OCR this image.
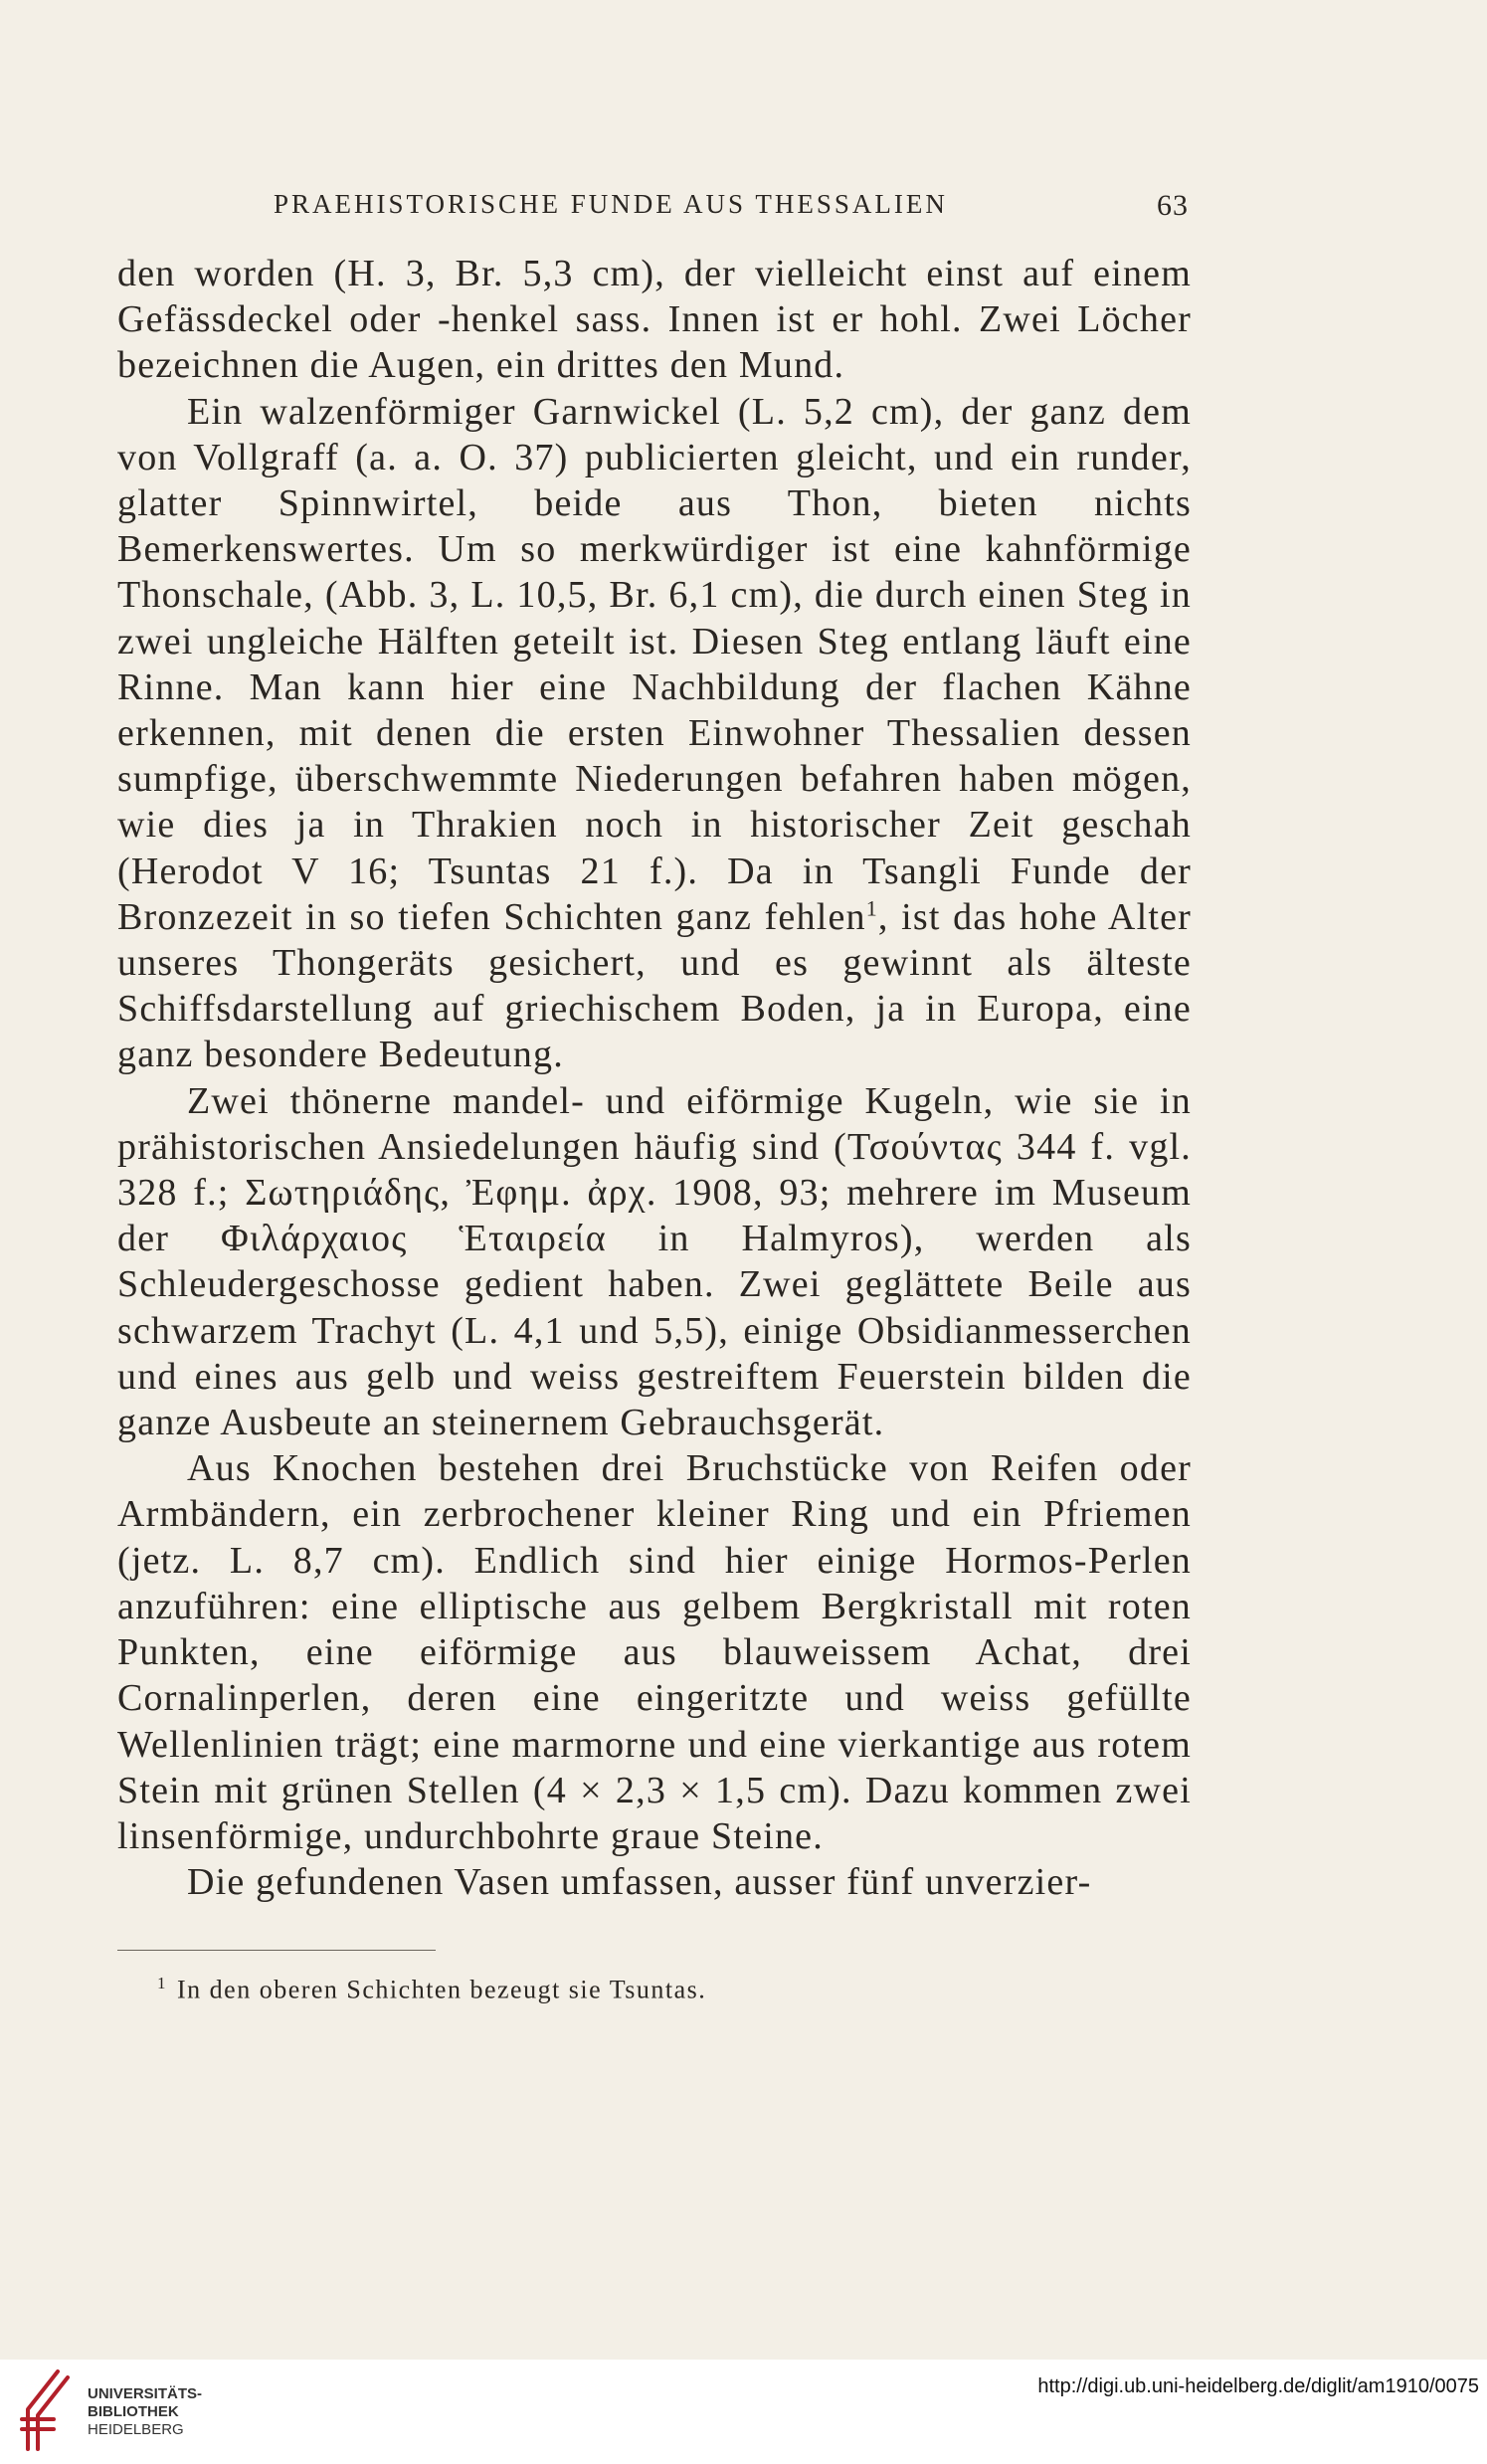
PRAEHISTORISCHE FUNDE AUS THESSALIEN	63

den worden (H. 3, Br. 5,3 cm), der vielleicht einst auf einem Gefässdeckel oder -henkel sass. Innen ist er hohl. Zwei Löcher bezeichnen die Augen, ein drittes den Mund.

Ein walzenförmiger Garnwickel (L. 5,2 cm), der ganz dem von Vollgraff (a. a. O. 37) publicierten gleicht, und ein runder, glatter Spinnwirtel, beide aus Thon, bieten nichts Bemerkenswertes. Um so merkwürdiger ist eine kahnförmige Thonschale, (Abb. 3, L. 10,5, Br. 6,1 cm), die durch einen Steg in zwei ungleiche Hälften geteilt ist. Diesen Steg entlang läuft eine Rinne. Man kann hier eine Nachbildung der flachen Kähne erkennen, mit denen die ersten Einwohner Thessalien dessen sumpfige, überschwemmte Niederungen befahren haben mögen, wie dies ja in Thrakien noch in historischer Zeit geschah (Herodot V 16; Tsuntas 21 f.). Da in Tsangli Funde der Bronzezeit in so tiefen Schichten ganz fehlen$^1$, ist das hohe Alter unseres Thongeräts gesichert, und es gewinnt als älteste Schiffsdarstellung auf griechischem Boden, ja in Europa, eine ganz besondere Bedeutung.

Zwei thönerne mandel- und eiförmige Kugeln, wie sie in prähistorischen Ansiedelungen häufig sind (Τσούντας 344 f. vgl. 328 f.; Σωτηριάδης, Ἐφημ. ἀρχ. 1908, 93; mehrere im Museum der Φιλάρχαιος Ἑταιρεία in Halmyros), werden als Schleudergeschosse gedient haben. Zwei geglättete Beile aus schwarzem Trachyt (L. 4,1 und 5,5), einige Obsidianmesserchen und eines aus gelb und weiss gestreiftem Feuerstein bilden die ganze Ausbeute an steinernem Gebrauchsgerät.

Aus Knochen bestehen drei Bruchstücke von Reifen oder Armbändern, ein zerbrochener kleiner Ring und ein Pfriemen (jetz. L. 8,7 cm). Endlich sind hier einige Hormos-Perlen anzuführen: eine elliptische aus gelbem Bergkristall mit roten Punkten, eine eiförmige aus blauweissem Achat, drei Cornalinperlen, deren eine eingeritzte und weiss gefüllte Wellenlinien trägt; eine marmorne und eine vierkantige aus rotem Stein mit grünen Stellen (4 × 2,3 × 1,5 cm). Dazu kommen zwei linsenförmige, undurchbohrte graue Steine.

Die gefundenen Vasen umfassen, ausser fünf unverzier-

$^1$ In den oberen Schichten bezeugt sie Tsuntas.
UNIVERSITÄTS-
BIBLIOTHEK
HEIDELBERG
http://digi.ub.uni-heidelberg.de/diglit/am1910/0075
